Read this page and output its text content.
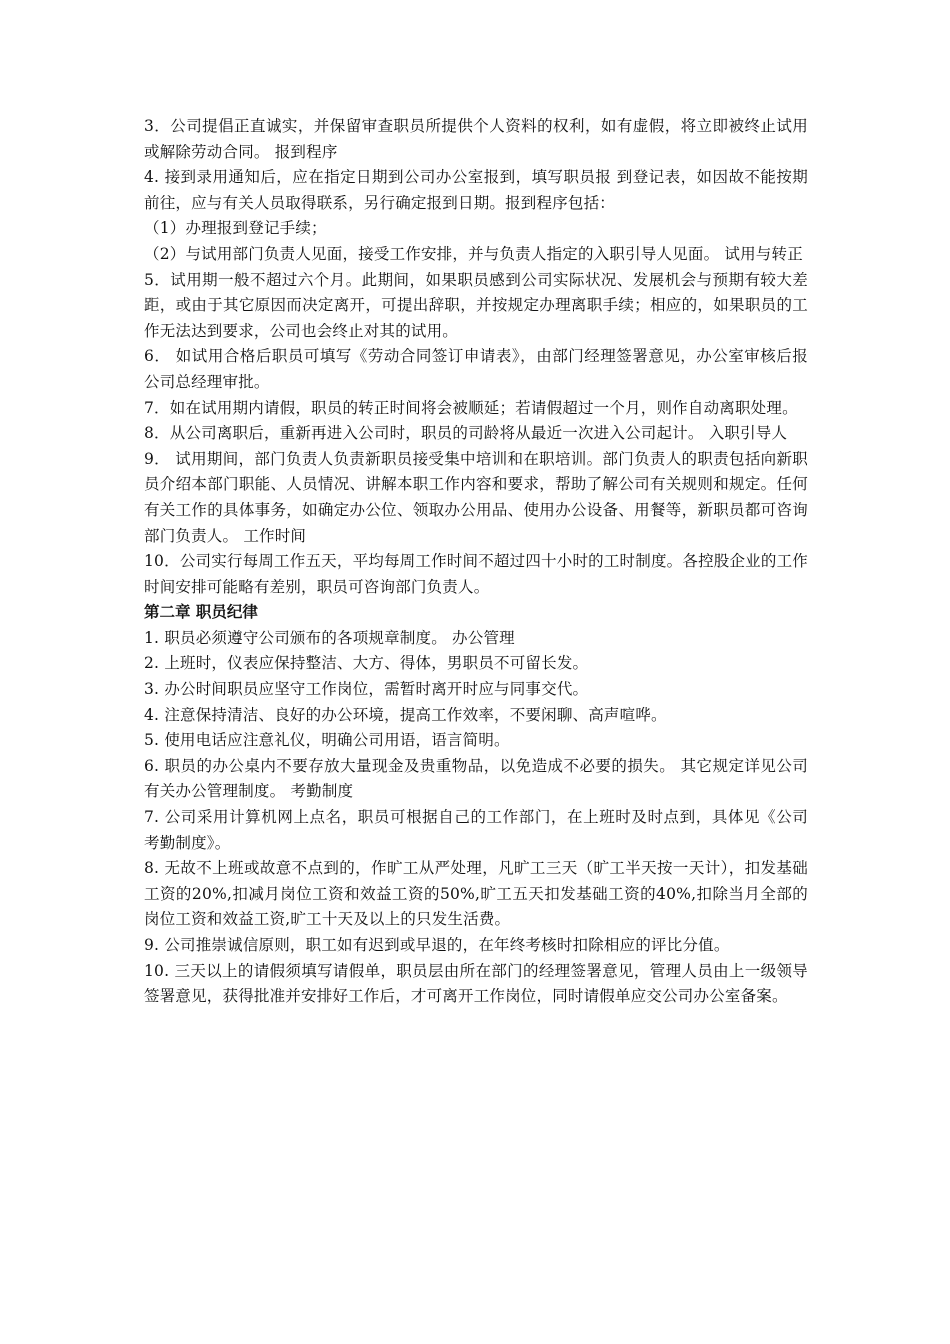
3．公司提倡正直诚实，并保留审查职员所提供个人资料的权利，如有虚假，将立即被终止试用或解除劳动合同。 报到程序

4. 接到录用通知后，应在指定日期到公司办公室报到，填写职员报 到登记表，如因故不能按期前往，应与有关人员取得联系，另行确定报到日期。报到程序包括：

（1）办理报到登记手续；

（2）与试用部门负责人见面，接受工作安排，并与负责人指定的入职引导人见面。 试用与转正

5．试用期一般不超过六个月。此期间，如果职员感到公司实际状况、发展机会与预期有较大差距，或由于其它原因而决定离开，可提出辞职，并按规定办理离职手续；相应的，如果职员的工作无法达到要求，公司也会终止对其的试用。

6． 如试用合格后职员可填写《劳动合同签订申请表》，由部门经理签署意见，办公室审核后报公司总经理审批。

7．如在试用期内请假，职员的转正时间将会被顺延；若请假超过一个月，则作自动离职处理。

8．从公司离职后，重新再进入公司时，职员的司龄将从最近一次进入公司起计。 入职引导人

9． 试用期间，部门负责人负责新职员接受集中培训和在职培训。部门负责人的职责包括向新职员介绍本部门职能、人员情况、讲解本职工作内容和要求，帮助了解公司有关规则和规定。任何有关工作的具体事务，如确定办公位、领取办公用品、使用办公设备、用餐等，新职员都可咨询部门负责人。 工作时间

10．公司实行每周工作五天，平均每周工作时间不超过四十小时的工时制度。各控股企业的工作时间安排可能略有差别，职员可咨询部门负责人。

第二章 职员纪律

1. 职员必须遵守公司颁布的各项规章制度。 办公管理

2. 上班时，仪表应保持整洁、大方、得体，男职员不可留长发。

3. 办公时间职员应坚守工作岗位，需暂时离开时应与同事交代。

4. 注意保持清洁、良好的办公环境，提高工作效率，不要闲聊、高声喧哗。

5. 使用电话应注意礼仪，明确公司用语，语言简明。

6. 职员的办公桌内不要存放大量现金及贵重物品，以免造成不必要的损失。 其它规定详见公司有关办公管理制度。 考勤制度

7. 公司采用计算机网上点名，职员可根据自己的工作部门，在上班时及时点到，具体见《公司考勤制度》。

8. 无故不上班或故意不点到的，作旷工从严处理，凡旷工三天（旷工半天按一天计），扣发基础工资的20%,扣减月岗位工资和效益工资的50%,旷工五天扣发基础工资的40%,扣除当月全部的岗位工资和效益工资,旷工十天及以上的只发生活费。

9. 公司推崇诚信原则，职工如有迟到或早退的，在年终考核时扣除相应的评比分值。

10. 三天以上的请假须填写请假单，职员层由所在部门的经理签署意见，管理人员由上一级领导签署意见，获得批准并安排好工作后，才可离开工作岗位，同时请假单应交公司办公室备案。
